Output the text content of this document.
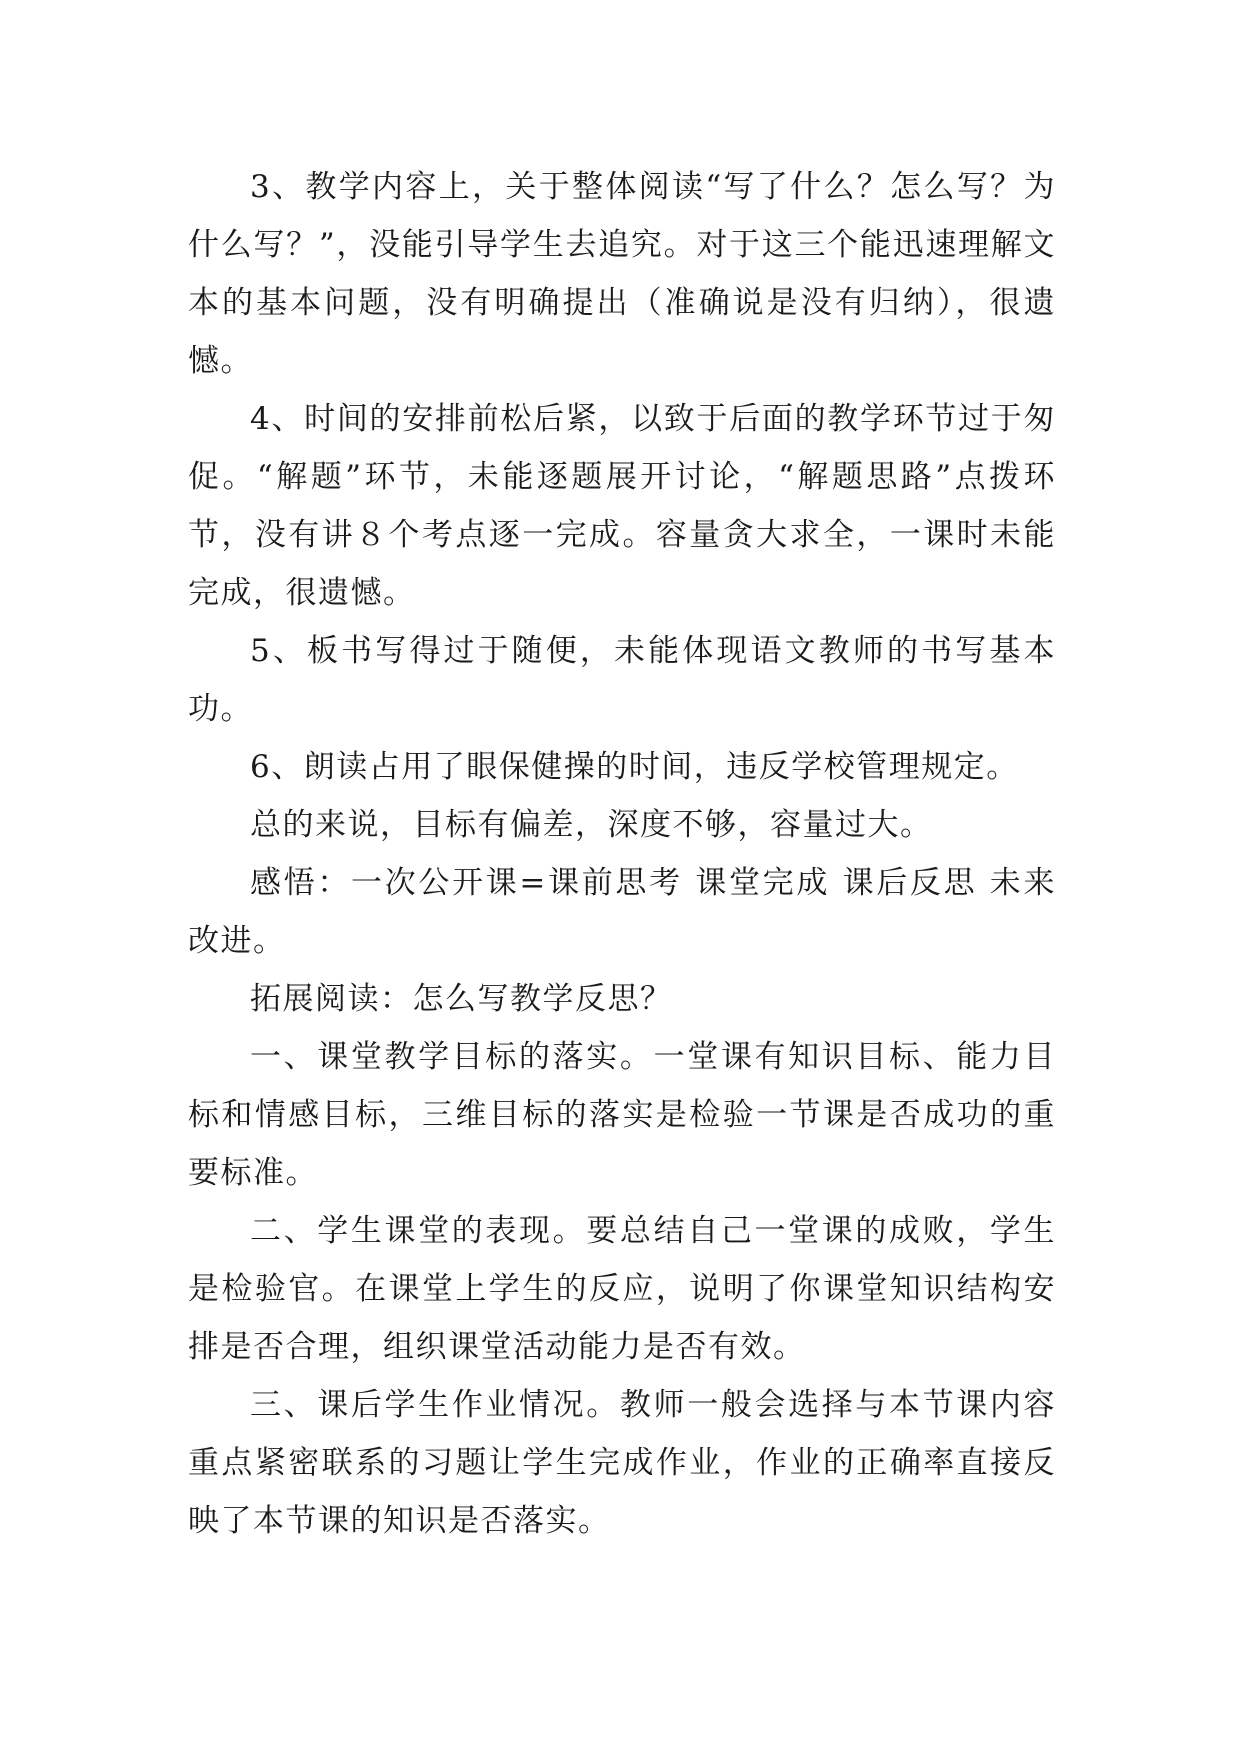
3、教学内容上，关于整体阅读“写了什么？怎么写？为什么写？”，没能引导学生去追究。对于这三个能迅速理解文本的基本问题，没有明确提出（准确说是没有归纳），很遗憾。

4、时间的安排前松后紧，以致于后面的教学环节过于匆促。“解题”环节，未能逐题展开讨论，“解题思路”点拨环节，没有讲８个考点逐一完成。容量贪大求全，一课时未能完成，很遗憾。

5、板书写得过于随便，未能体现语文教师的书写基本功。

6、朗读占用了眼保健操的时间，违反学校管理规定。

总的来说，目标有偏差，深度不够，容量过大。

感悟：一次公开课=课前思考 课堂完成 课后反思 未来改进。

拓展阅读：怎么写教学反思？

一、课堂教学目标的落实。一堂课有知识目标、能力目标和情感目标，三维目标的落实是检验一节课是否成功的重要标准。

二、学生课堂的表现。要总结自己一堂课的成败，学生是检验官。在课堂上学生的反应，说明了你课堂知识结构安排是否合理，组织课堂活动能力是否有效。

三、课后学生作业情况。教师一般会选择与本节课内容重点紧密联系的习题让学生完成作业，作业的正确率直接反映了本节课的知识是否落实。
